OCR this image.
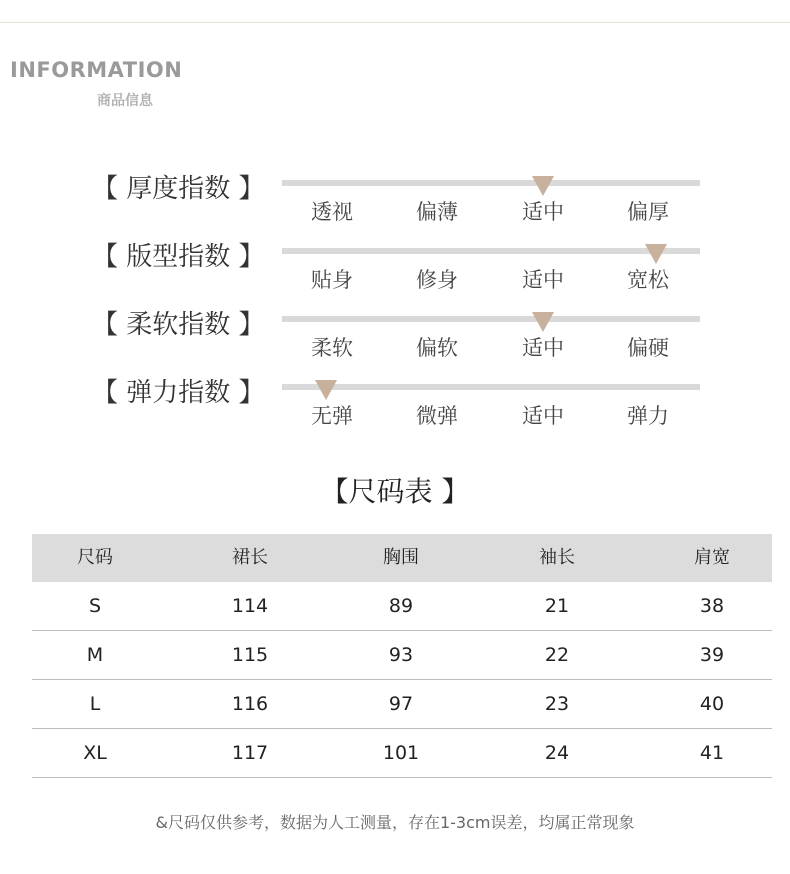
INFORMATION
商品信息
【 厚度指数 】
透视	偏薄	适中	偏厚
【 版型指数 】
贴身	修身	适中	宽松
【 柔软指数 】
柔软	偏软	适中	偏硬
【 弹力指数 】
无弹	微弹	适中	弹力
【尺码表 】
尺码	裙长	胸围	袖长	肩宽
S	114	89	21	38
M	115	93	22	39
L	116	97	23	40
XL	117	101	24	41
&尺码仅供参考，数据为人工测量，存在1-3cm误差，均属正常现象
